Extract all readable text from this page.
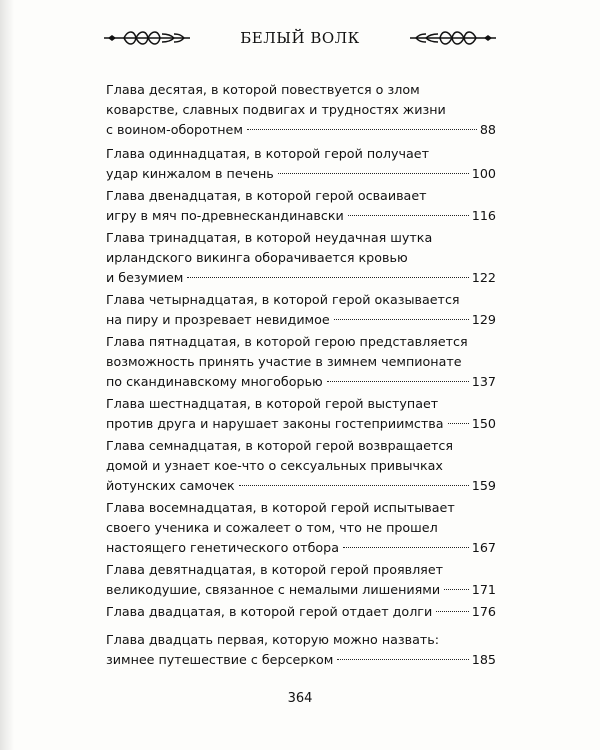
БЕЛЫЙ ВОЛК
Глава десятая, в которой повествуется о злом
коварстве, славных подвигах и трудностях жизни
с воином-оборотнем	88
Глава одиннадцатая, в которой герой получает
удар кинжалом в печень	100
Глава двенадцатая, в которой герой осваивает
игру в мяч по-древнескандинавски	116
Глава тринадцатая, в которой неудачная шутка
ирландского викинга оборачивается кровью
и безумием	122
Глава четырнадцатая, в которой герой оказывается
на пиру и прозревает невидимое	129
Глава пятнадцатая, в которой герою представляется
возможность принять участие в зимнем чемпионате
по скандинавскому многоборью	137
Глава шестнадцатая, в которой герой выступает
против друга и нарушает законы гостеприимства 150
Глава семнадцатая, в которой герой возвращается
домой и узнает кое-что о сексуальных привычках
йотунских самочек	159
Глава восемнадцатая, в которой герой испытывает
своего ученика и сожалеет о том, что не прошел
настоящего генетического отбора	167
Глава девятнадцатая, в которой герой проявляет
великодушие, связанное с немалыми лишениями 171
Глава двадцатая, в которой герой отдает долги	176
Глава двадцать первая, которую можно назвать:
зимнее путешествие с берсерком	185
364
